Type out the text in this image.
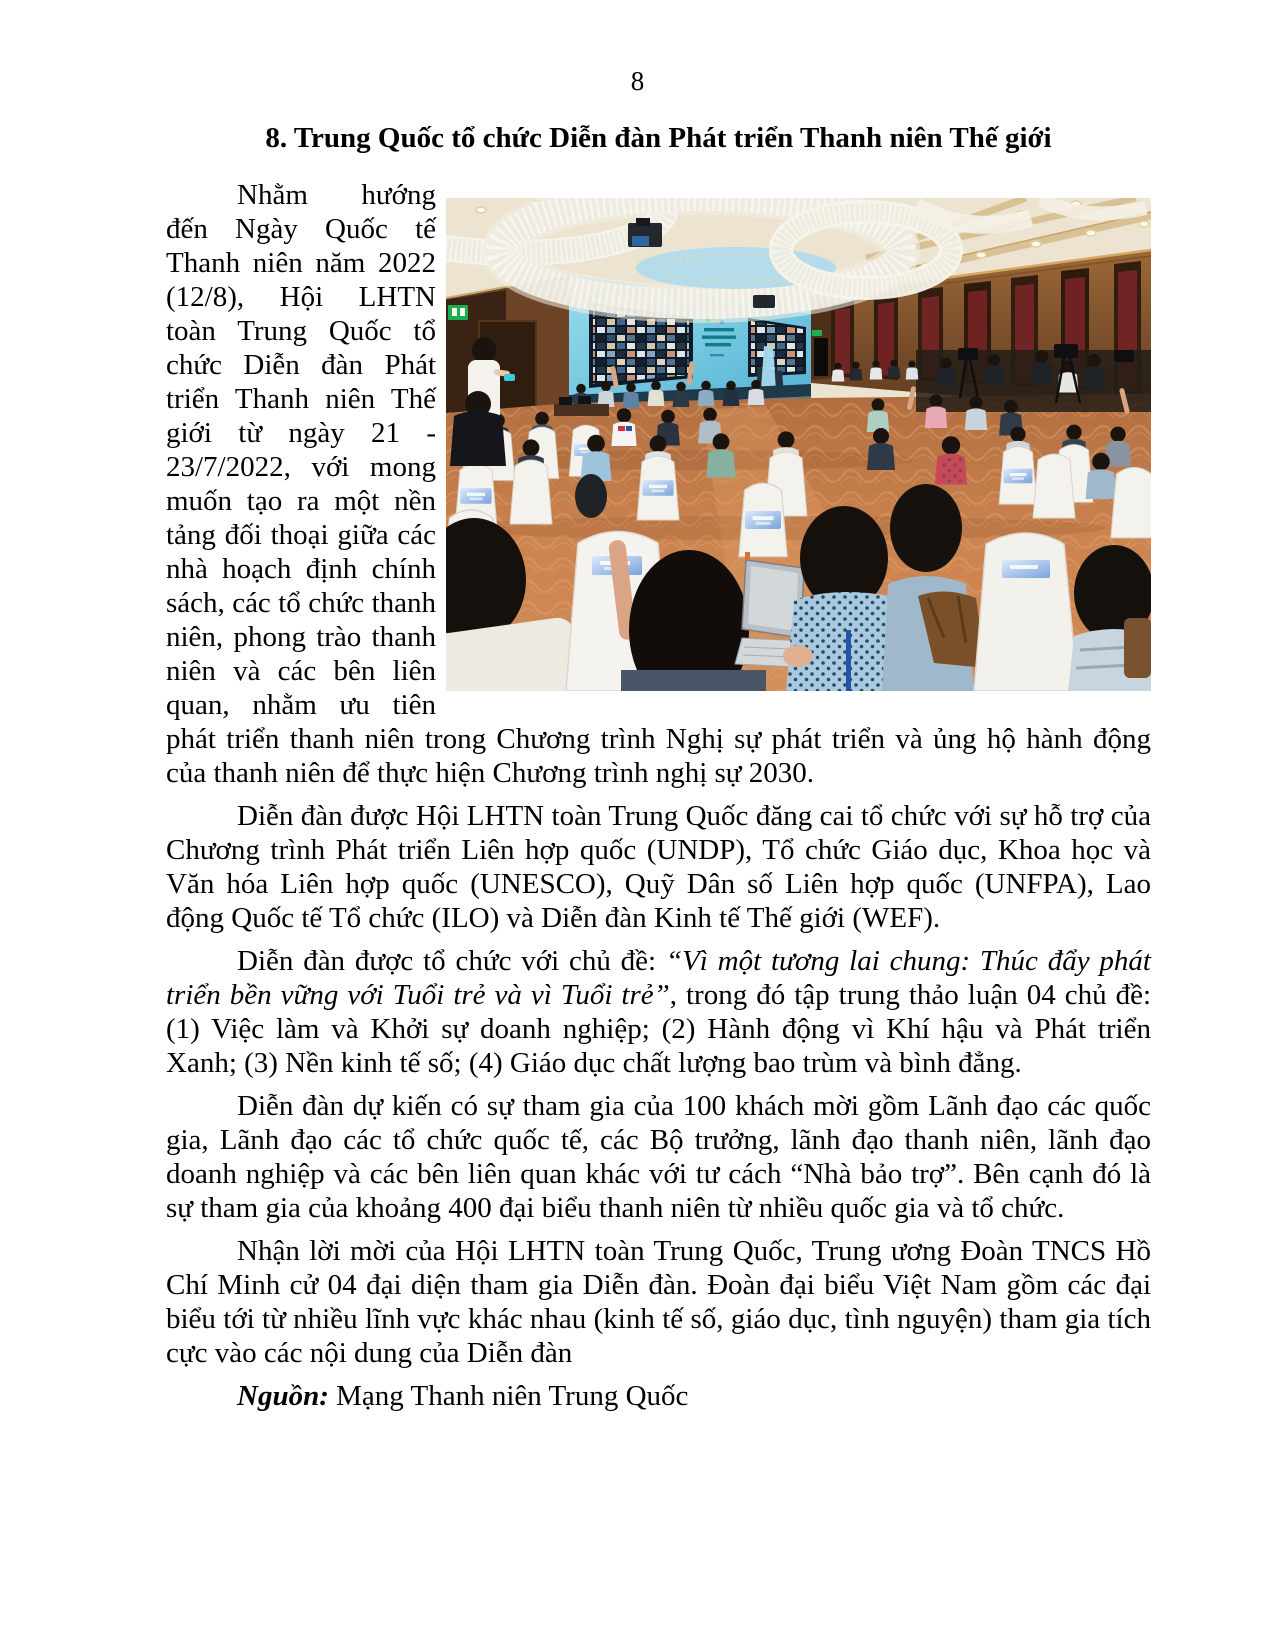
8
8. Trung Quốc tổ chức Diễn đàn Phát triển Thanh niên Thế giới

Nhằm hướng đến Ngày Quốc tế Thanh niên năm 2022 (12/8), Hội LHTN toàn Trung Quốc tổ chức Diễn đàn Phát triển Thanh niên Thế giới từ ngày 21 - 23/7/2022, với mong muốn tạo ra một nền tảng đối thoại giữa các nhà hoạch định chính sách, các tổ chức thanh niên, phong trào thanh niên và các bên liên quan, nhằm ưu tiên phát triển thanh niên trong Chương trình Nghị sự phát triển và ủng hộ hành động của thanh niên để thực hiện Chương trình nghị sự 2030.

Diễn đàn được Hội LHTN toàn Trung Quốc đăng cai tổ chức với sự hỗ trợ của Chương trình Phát triển Liên hợp quốc (UNDP), Tổ chức Giáo dục, Khoa học và Văn hóa Liên hợp quốc (UNESCO), Quỹ Dân số Liên hợp quốc (UNFPA), Lao động Quốc tế Tổ chức (ILO) và Diễn đàn Kinh tế Thế giới (WEF).

Diễn đàn được tổ chức với chủ đề: “Vì một tương lai chung: Thúc đẩy phát triển bền vững với Tuổi trẻ và vì Tuổi trẻ”, trong đó tập trung thảo luận 04 chủ đề: (1) Việc làm và Khởi sự doanh nghiệp; (2) Hành động vì Khí hậu và Phát triển Xanh; (3) Nền kinh tế số; (4) Giáo dục chất lượng bao trùm và bình đẳng.

Diễn đàn dự kiến có sự tham gia của 100 khách mời gồm Lãnh đạo các quốc gia, Lãnh đạo các tổ chức quốc tế, các Bộ trưởng, lãnh đạo thanh niên, lãnh đạo doanh nghiệp và các bên liên quan khác với tư cách “Nhà bảo trợ”. Bên cạnh đó là sự tham gia của khoảng 400 đại biểu thanh niên từ nhiều quốc gia và tổ chức.

Nhận lời mời của Hội LHTN toàn Trung Quốc, Trung ương Đoàn TNCS Hồ Chí Minh cử 04 đại diện tham gia Diễn đàn. Đoàn đại biểu Việt Nam gồm các đại biểu tới từ nhiều lĩnh vực khác nhau (kinh tế số, giáo dục, tình nguyện) tham gia tích cực vào các nội dung của Diễn đàn

Nguồn: Mạng Thanh niên Trung Quốc
